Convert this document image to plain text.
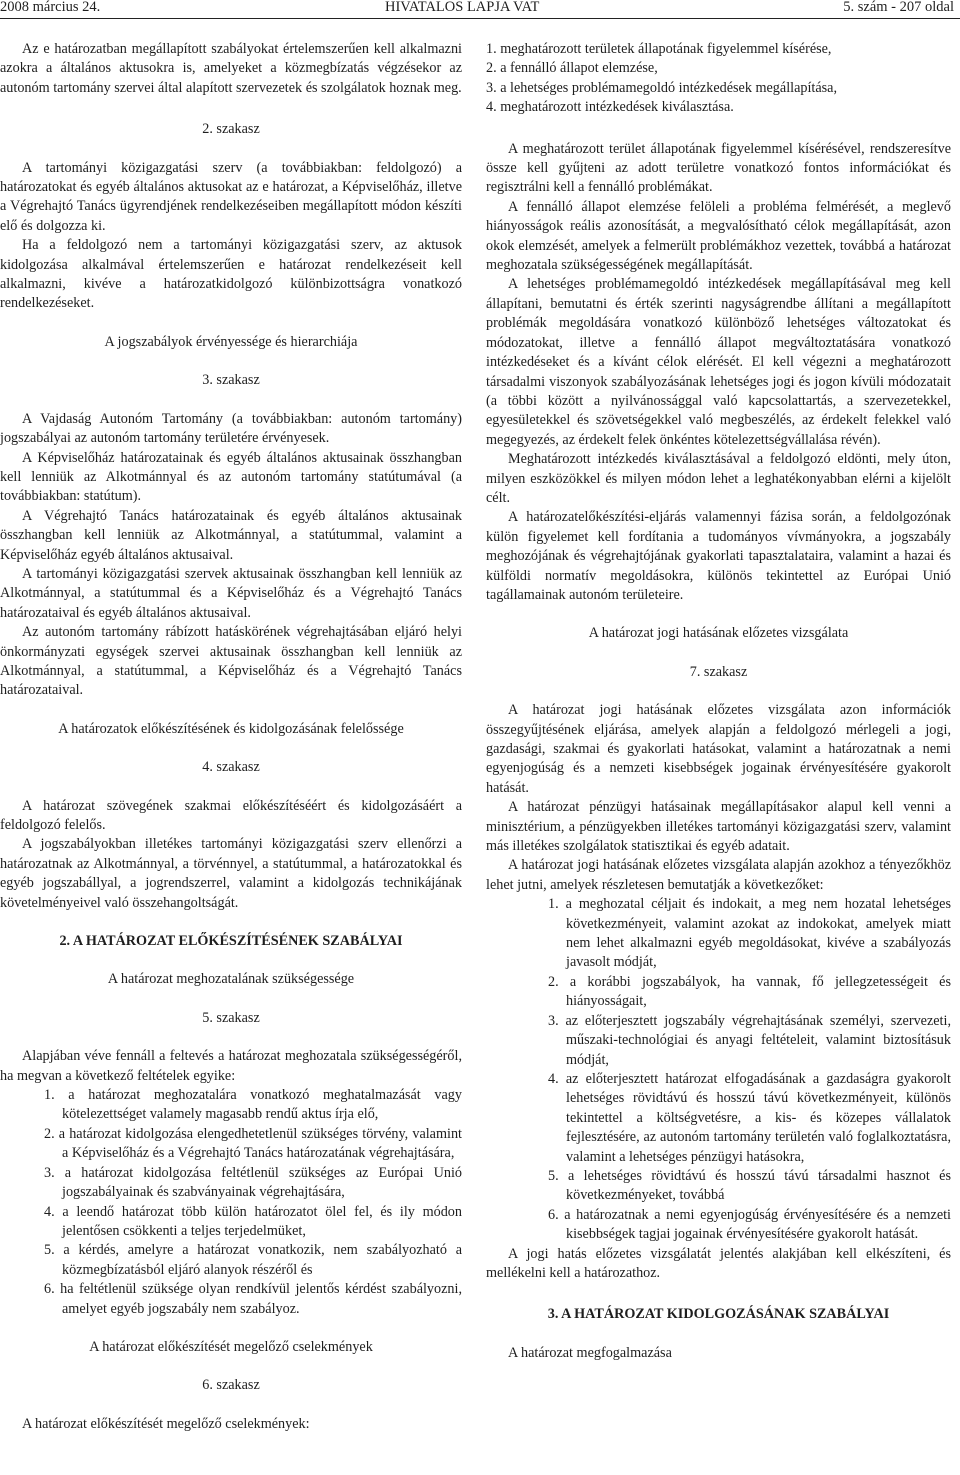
2008 március 24.	HIVATALOS LAPJA VAT	5. szám - 207 oldal

Az e határozatban megállapított szabályokat értelemszerűen kell alkalmazni azokra a általános aktusokra is, amelyeket a közmegbízatás végzésekor az autonóm tartomány szervei által alapított szervezetek és szolgálatok hoznak meg.

2. szakasz

A tartományi közigazgatási szerv (a továbbiakban: feldolgozó) a határozatokat és egyéb általános aktusokat az e határozat, a Képviselőház, illetve a Végrehajtó Tanács ügyrendjének rendelkezéseiben megállapított módon készíti elő és dolgozza ki.

Ha a feldolgozó nem a tartományi közigazgatási szerv, az aktusok kidolgozása alkalmával értelemszerűen e határozat rendelkezéseit kell alkalmazni, kivéve a határozatkidolgozó különbizottságra vonatkozó rendelkezéseket.

A jogszabályok érvényessége és hierarchiája

3. szakasz

A Vajdaság Autonóm Tartomány (a továbbiakban: autonóm tartomány) jogszabályai az autonóm tartomány területére érvényesek.

A Képviselőház határozatainak és egyéb általános aktusainak összhangban kell lenniük az Alkotmánnyal és az autonóm tartomány statútumával (a továbbiakban: statútum).

A Végrehajtó Tanács határozatainak és egyéb általános aktusainak összhangban kell lenniük az Alkotmánnyal, a statútummal, valamint a Képviselőház egyéb általános aktusaival.

A tartományi közigazgatási szervek aktusainak összhangban kell lenniük az Alkotmánnyal, a statútummal és a Képviselőház és a Végrehajtó Tanács határozataival és egyéb általános aktusaival.

Az autonóm tartomány rábízott hatáskörének végrehajtásában eljáró helyi önkormányzati egységek szervei aktusainak összhangban kell lenniük az Alkotmánnyal, a statútummal, a Képviselőház és a Végrehajtó Tanács határozataival.

A határozatok előkészítésének és kidolgozásának felelőssége

4. szakasz

A határozat szövegének szakmai előkészítéséért és kidolgozásáért a feldolgozó felelős.

A jogszabályokban illetékes tartományi közigazgatási szerv ellenőrzi a határozatnak az Alkotmánnyal, a törvénnyel, a statútummal, a határozatokkal és egyéb jogszabállyal, a jogrendszerrel, valamint a kidolgozás technikájának követelményeivel való összehangoltságát.

2. A HATÁROZAT ELŐKÉSZÍTÉSÉNEK SZABÁLYAI

A határozat meghozatalának szükségessége

5. szakasz

Alapjában véve fennáll a feltevés a határozat meghozatala szükségességéről, ha megvan a következő feltételek egyike:

1. a határozat meghozatalára vonatkozó meghatalmazását vagy kötelezettséget valamely magasabb rendű aktus írja elő,
2. a határozat kidolgozása elengedhetetlenül szükséges törvény, valamint a Képviselőház és a Végrehajtó Tanács határozatának végrehajtására,
3. a határozat kidolgozása feltétlenül szükséges az Európai Unió jogszabályainak és szabványainak végrehajtására,
4. a leendő határozat több külön határozatot ölel fel, és ily módon jelentősen csökkenti a teljes terjedelmüket,
5. a kérdés, amelyre a határozat vonatkozik, nem szabályozható a közmegbízatásból eljáró alanyok részéről és
6. ha feltétlenül szüksége olyan rendkívül jelentős kérdést szabályozni, amelyet egyéb jogszabály nem szabályoz.

A határozat előkészítését megelőző cselekmények

6. szakasz

A határozat előkészítését megelőző cselekmények:

1. meghatározott területek állapotának figyelemmel kísérése,
2. a fennálló állapot elemzése,
3. a lehetséges problémamegoldó intézkedések megállapítása,
4. meghatározott intézkedések kiválasztása.

A meghatározott terület állapotának figyelemmel kísérésével, rendszeresítve össze kell gyűjteni az adott területre vonatkozó fontos információkat és regisztrálni kell a fennálló problémákat.

A fennálló állapot elemzése felöleli a probléma felmérését, a meglevő hiányosságok reális azonosítását, a megvalósítható célok megállapítását, azon okok elemzését, amelyek a felmerült problémákhoz vezettek, továbbá a határozat meghozatala szükségességének megállapítását.

A lehetséges problémamegoldó intézkedések megállapításával meg kell állapítani, bemutatni és érték szerinti nagyságrendbe állítani a megállapított problémák megoldására vonatkozó különböző lehetséges változatokat és módozatokat, illetve a fennálló állapot megváltoztatására vonatkozó intézkedéseket és a kívánt célok elérését. El kell végezni a meghatározott társadalmi viszonyok szabályozásának lehetséges jogi és jogon kívüli módozatait (a többi között a nyilvánossággal való kapcsolattartás, a szervezetekkel, egyesületekkel és szövetségekkel való megbeszélés, az érdekelt felekkel való megegyezés, az érdekelt felek önkéntes kötelezettségvállalása révén).

Meghatározott intézkedés kiválasztásával a feldolgozó eldönti, mely úton, milyen eszközökkel és milyen módon lehet a leghatékonyabban elérni a kijelölt célt.

A határozatelőkészítési-eljárás valamennyi fázisa során, a feldolgozónak külön figyelemet kell fordítania a tudományos vívmányokra, a jogszabály meghozójának és végrehajtójának gyakorlati tapasztalataira, valamint a hazai és külföldi normatív megoldásokra, különös tekintettel az Európai Unió tagállamainak autonóm területeire.

A határozat jogi hatásának előzetes vizsgálata

7. szakasz

A határozat jogi hatásának előzetes vizsgálata azon információk összegyűjtésének eljárása, amelyek alapján a feldolgozó mérlegeli a jogi, gazdasági, szakmai és gyakorlati hatásokat, valamint a határozatnak a nemi egyenjogúság és a nemzeti kisebbségek jogainak érvényesítésére gyakorolt hatását.

A határozat pénzügyi hatásainak megállapításakor alapul kell venni a minisztérium, a pénzügyekben illetékes tartományi közigazgatási szerv, valamint más illetékes szolgálatok statisztikai és egyéb adatait.

A határozat jogi hatásának előzetes vizsgálata alapján azokhoz a tényezőkhöz lehet jutni, amelyek részletesen bemutatják a következőket:

1. a meghozatal céljait és indokait, a meg nem hozatal lehetséges következményeit, valamint azokat az indokokat, amelyek miatt nem lehet alkalmazni egyéb megoldásokat, kivéve a szabályozás javasolt módját,
2. a korábbi jogszabályok, ha vannak, fő jellegzetességeit és hiányosságait,
3. az előterjesztett jogszabály végrehajtásának személyi, szervezeti, műszaki-technológiai és anyagi feltételeit, valamint biztosításuk módját,
4. az előterjesztett határozat elfogadásának a gazdaságra gyakorolt lehetséges rövidtávú és hosszú távú következményeit, különös tekintettel a költségvetésre, a kis- és közepes vállalatok fejlesztésére, az autonóm tartomány területén való foglalkoztatásra, valamint a lehetséges pénzügyi hatásokra,
5. a lehetséges rövidtávú és hosszú távú társadalmi hasznot és következményeket, továbbá
6. a határozatnak a nemi egyenjogúság érvényesítésére és a nemzeti kisebbségek tagjai jogainak érvényesítésére gyakorolt hatását.

A jogi hatás előzetes vizsgálatát jelentés alakjában kell elkészíteni, és mellékelni kell a határozathoz.

3. A HATÁROZAT KIDOLGOZÁSÁNAK SZABÁLYAI

A határozat megfogalmazása
